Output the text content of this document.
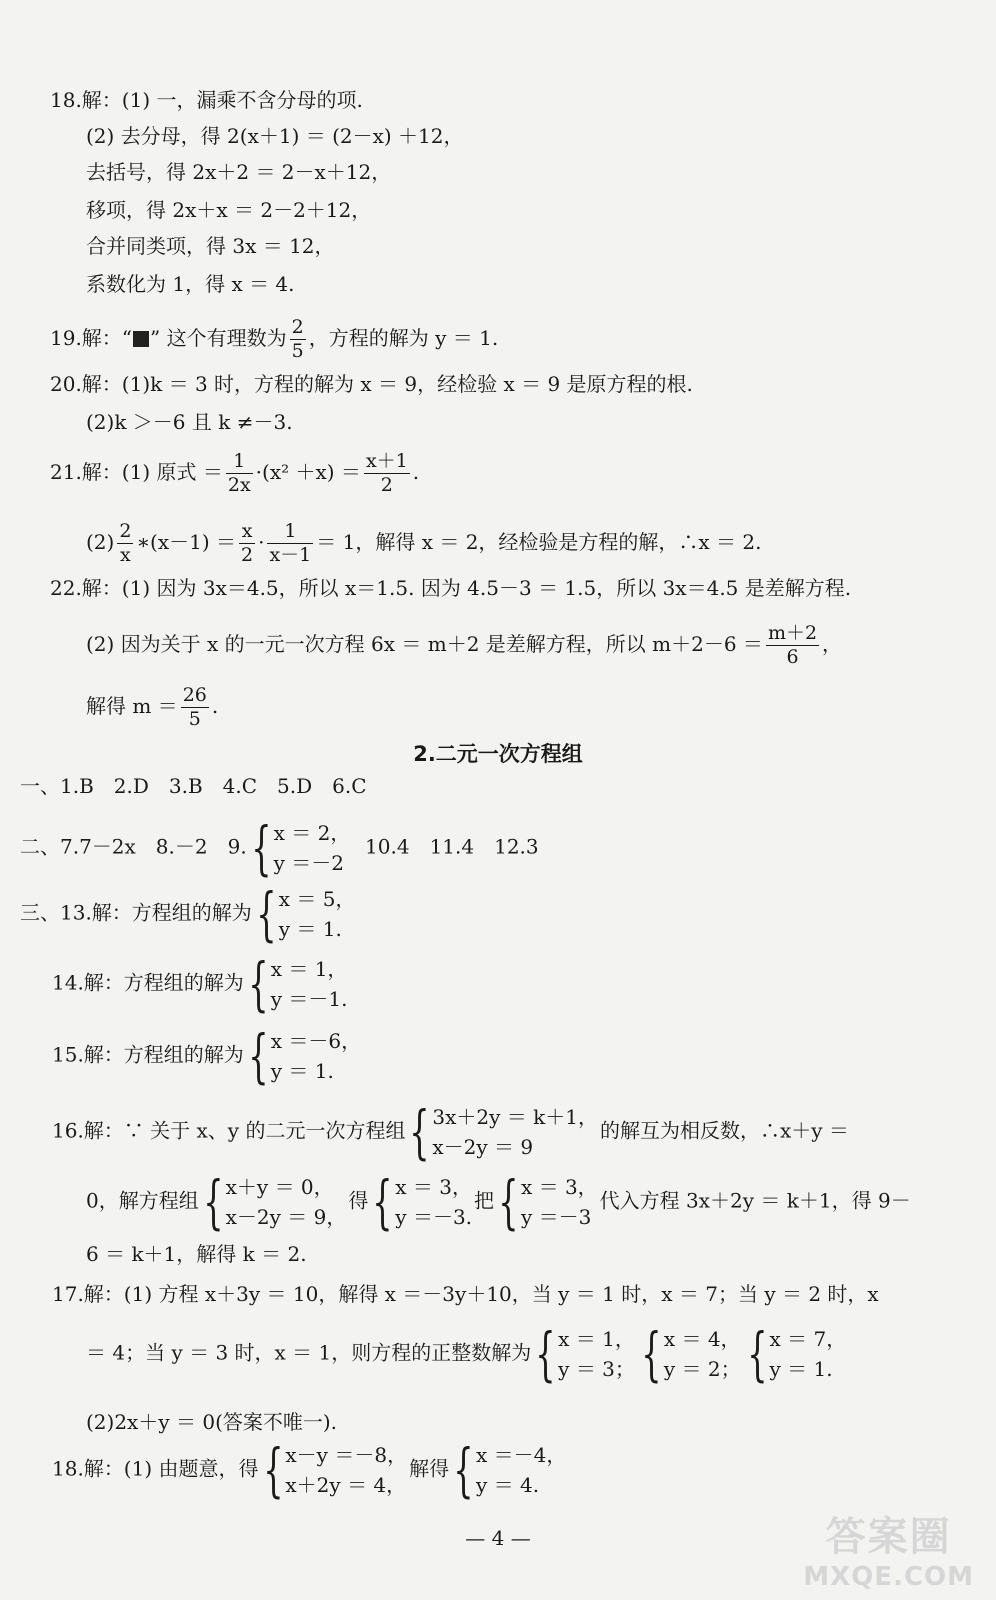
18.解：(1) 一，漏乘不含分母的项.
(2) 去分母，得 2(x＋1) ＝ (2－x) ＋12，
去括号，得 2x＋2 ＝ 2－x＋12，
移项，得 2x＋x ＝ 2－2＋12，
合并同类项，得 3x ＝ 12，
系数化为 1，得 x ＝ 4.
19.解：“ ” 这个有理数为 $\frac{2}{5}$ ，方程的解为 y ＝ 1.
20.解：(1)k ＝ 3 时，方程的解为 x ＝ 9，经检验 x ＝ 9 是原方程的根.
(2)k ＞－6 且 k ≠－3.
21.解：(1) 原式 ＝ $\frac{1}{2x} \cdot(x^2 +x) = \frac{x+1}{2}$ .
$(2) \frac{2}{x}$ ∗(x－1) ＝ $\frac{x}{2} \cdot \frac{1}{x-1} = 1$，解得 x ＝ 2，经检验是方程的解，∴x ＝ 2.
22.解：(1) 因为 3x＝4.5，所以 x＝1.5. 因为 4.5－3 ＝ 1.5，所以 3x＝4.5 是差解方程.
(2) 因为关于 x 的一元一次方程 6x ＝ m＋2 是差解方程，所以 $m+2-6 = \frac{m+2}{6}$ ，
解得 $m = \frac{26}{5}$ .
2.二元一次方程组
一、1.B　2.D　3.B　4.C　5.D　6.C
二、7.7－2x　8.－2　9. { x ＝ 2，
y ＝－2
10.4　11.4　12.3
三、13.解：方程组的解为 { x ＝ 5，
y ＝ 1.
14.解：方程组的解为 { x ＝ 1，
y ＝－1.
15.解：方程组的解为 { x ＝－6，
y ＝ 1.
16.解：∵ 关于 x、y 的二元一次方程组 { 3x＋2y ＝ k＋1，
x－2y ＝ 9
的解互为相反数，∴x＋y ＝
0，解方程组 { x＋y ＝ 0，
x－2y ＝ 9，
得 { x ＝ 3，
y ＝－3.
把 { x ＝ 3，
y ＝－3
代入方程 3x＋2y ＝ k＋1，得 9－
6 ＝ k＋1，解得 k ＝ 2.
17.解：(1) 方程 x＋3y ＝ 10，解得 x ＝－3y＋10，当 y ＝ 1 时，x ＝ 7；当 y ＝ 2 时，x
＝ 4；当 y ＝ 3 时，x ＝ 1，则方程的正整数解为 { x ＝ 1，
y ＝ 3； { x ＝ 4，
y ＝ 2； { x ＝ 7，
y ＝ 1.
(2)2x＋y ＝ 0(答案不唯一).
18.解：(1) 由题意，得 { x－y ＝－8，
x＋2y ＝ 4，
解得 { x ＝－4，
y ＝ 4.
— 4 —	答案圈
MXQE.COM
